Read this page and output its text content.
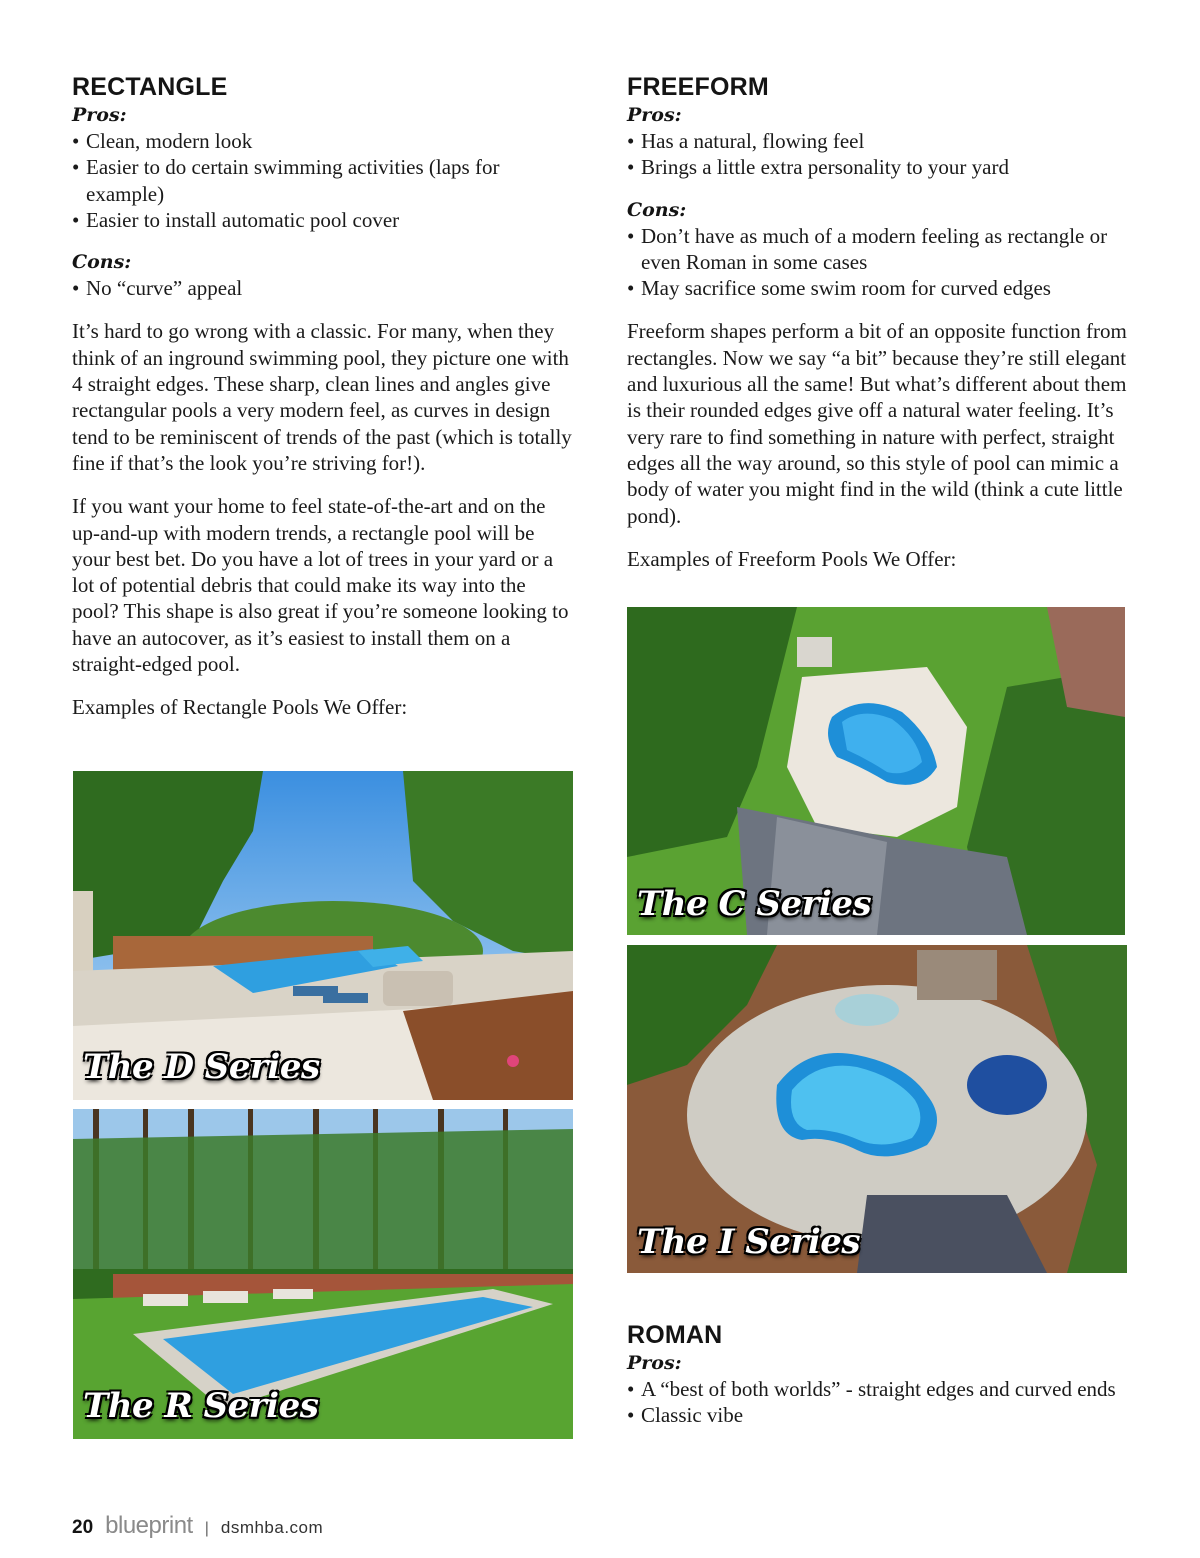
RECTANGLE

Pros:

• Clean, modern look
• Easier to do certain swimming activities (laps for example)
• Easier to install automatic pool cover

Cons:

• No “curve” appeal

It’s hard to go wrong with a classic. For many, when they think of an inground swimming pool, they picture one with 4 straight edges. These sharp, clean lines and angles give rectangular pools a very modern feel, as curves in design tend to be reminiscent of trends of the past (which is totally fine if that’s the look you’re striving for!).

If you want your home to feel state-of-the-art and on the up-and-up with modern trends, a rectangle pool will be your best bet. Do you have a lot of trees in your yard or a lot of potential debris that could make its way into the pool? This shape is also great if you’re someone looking to have an autocover, as it’s easiest to install them on a straight-edged pool.

Examples of Rectangle Pools We Offer:

FREEFORM

Pros:

• Has a natural, flowing feel
• Brings a little extra personality to your yard

Cons:

• Don’t have as much of a modern feeling as rectangle or even Roman in some cases
• May sacrifice some swim room for curved edges

Freeform shapes perform a bit of an opposite function from rectangles. Now we say “a bit” because they’re still elegant and luxurious all the same! But what’s different about them is their rounded edges give off a natural water feeling. It’s very rare to find something in nature with perfect, straight edges all the way around, so this style of pool can mimic a body of water you might find in the wild (think a cute little pond).

Examples of Freeform Pools We Offer:

ROMAN

Pros:

• A “best of both worlds” - straight edges and curved ends
• Classic vibe
The D Series
The R Series
The C Series
The I Series
20 blueprint | dsmhba.com
